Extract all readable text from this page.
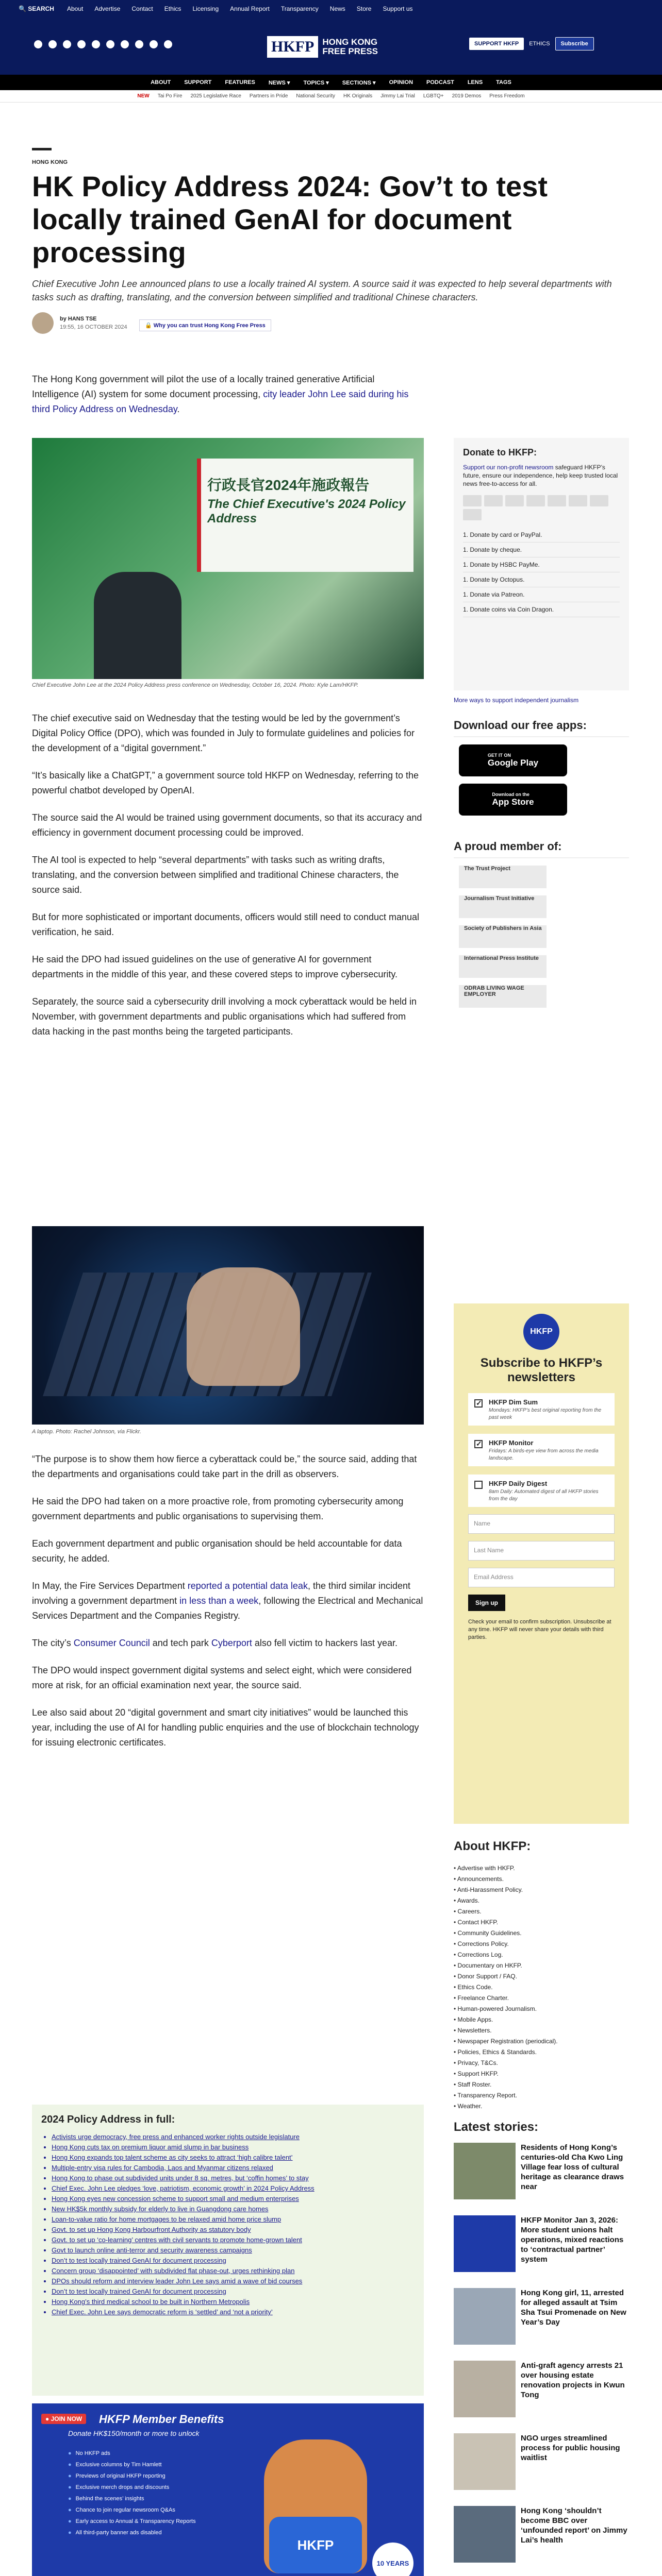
🔍 SEARCH About Advertise Contact Ethics Licensing Annual Report Transparency News Store Support us
HKFP HONG KONG FREE PRESS
SUPPORT HKFP	ETHICS	Subscribe
ABOUT SUPPORT FEATURES NEWS ▾ TOPICS ▾ SECTIONS ▾ OPINION PODCAST LENS TAGS
NEW Tai Po Fire 2025 Legislative Race Partners in Pride National Security HK Originals Jimmy Lai Trial LGBTQ+ 2019 Demos Press Freedom
HONG KONG
HK Policy Address 2024: Gov’t to test locally trained GenAI for document processing
Chief Executive John Lee announced plans to use a locally trained AI system. A source said it was expected to help several departments with tasks such as drafting, translating, and the conversion between simplified and traditional Chinese characters.
by HANS TSE
19:55, 16 OCTOBER 2024	🔒 Why you can trust Hong Kong Free Press

The Hong Kong government will pilot the use of a locally trained generative Artificial Intelligence (AI) system for some document processing, city leader John Lee said during his third Policy Address on Wednesday.

行政長官2024年施政報告
The Chief Executive's 2024 Policy Address
Chief Executive John Lee at the 2024 Policy Address press conference on Wednesday, October 16, 2024. Photo: Kyle Lam/HKFP.

The chief executive said on Wednesday that the testing would be led by the government’s Digital Policy Office (DPO), which was founded in July to formulate guidelines and policies for the development of a “digital government.”

“It’s basically like a ChatGPT,” a government source told HKFP on Wednesday, referring to the powerful chatbot developed by OpenAI.

The source said the AI would be trained using government documents, so that its accuracy and efficiency in government document processing could be improved.

The AI tool is expected to help “several departments” with tasks such as writing drafts, translating, and the conversion between simplified and traditional Chinese characters, the source said.

But for more sophisticated or important documents, officers would still need to conduct manual verification, he said.

He said the DPO had issued guidelines on the use of generative AI for government departments in the middle of this year, and these covered steps to improve cybersecurity.

Separately, the source said a cybersecurity drill involving a mock cyberattack would be held in November, with government departments and public organisations which had suffered from data hacking in the past months being the targeted participants.

A laptop. Photo: Rachel Johnson, via Flickr.

“The purpose is to show them how fierce a cyberattack could be,” the source said, adding that the departments and organisations could take part in the drill as observers.

He said the DPO had taken on a more proactive role, from promoting cybersecurity among government departments and public organisations to supervising them.

Each government department and public organisation should be held accountable for data security, he added.

In May, the Fire Services Department reported a potential data leak, the third similar incident involving a government department in less than a week, following the Electrical and Mechanical Services Department and the Companies Registry.

The city’s Consumer Council and tech park Cyberport also fell victim to hackers last year.

The DPO would inspect government digital systems and select eight, which were considered more at risk, for an official examination next year, the source said.

Lee also said about 20 “digital government and smart city initiatives” would be launched this year, including the use of AI for handling public enquiries and the use of blockchain technology for issuing electronic certificates.

2024 Policy Address in full:
• Activists urge democracy, free press and enhanced worker rights outside legislature
• Hong Kong cuts tax on premium liquor amid slump in bar business
• Hong Kong expands top talent scheme as city seeks to attract ‘high calibre talent’
• Multiple-entry visa rules for Cambodia, Laos and Myanmar citizens relaxed
• Hong Kong to phase out subdivided units under 8 sq. metres, but ‘coffin homes’ to stay
• Chief Exec. John Lee pledges ‘love, patriotism, economic growth’ in 2024 Policy Address
• Hong Kong eyes new concession scheme to support small and medium enterprises
• New HK$5k monthly subsidy for elderly to live in Guangdong care homes
• Loan-to-value ratio for home mortgages to be relaxed amid home price slump
• Govt. to set up Hong Kong Harbourfront Authority as statutory body
• Govt. to set up ‘co-learning’ centres with civil servants to promote home-grown talent
• Govt to launch online anti-terror and security awareness campaigns
• Don’t to test locally trained GenAI for document processing
• Concern group ‘disappointed’ with subdivided flat phase-out, urges rethinking plan
• DPOs should reform and interview leader John Lee says amid a wave of bid courses
• Don’t to test locally trained GenAI for document processing
• Hong Kong’s third medical school to be built in Northern Metropolis
• Chief Exec. John Lee says democratic reform is ‘settled’ and ‘not a priority’
● JOIN NOW	HKFP Member Benefits
Donate HK$150/month or more to unlock
● No HKFP ads
● Exclusive columns by Tim Hamlett
● Previews of original HKFP reporting
● Exclusive merch drops and discounts
● Behind the scenes’ insights
● Chance to join regular newsroom Q&As
● Early access to Annual & Transparency Reports
● All third-party banner ads disabled
HKFP
10 YEARS
Donate to HKFP:

Support our non-profit newsroom safeguard HKFP’s future, ensure our independence, help keep trusted local news free-to-access for all.

1. Donate by card or PayPal.
1. Donate by cheque.
1. Donate by HSBC PayMe.
1. Donate by Octopus.
1. Donate via Patreon.
1. Donate coins via Coin Dragon.
More ways to support independent journalism
Download our free apps:
GET IT ON
Google Play
Download on the
App Store
A proud member of:
The Trust Project
Journalism Trust Initiative
Society of Publishers in Asia
International Press Institute
ODRAB LIVING WAGE EMPLOYER
HKFP
Subscribe to HKFP’s newsletters
✓
HKFP Dim Sum
Mondays: HKFP’s best original reporting from the past week
✓
HKFP Monitor
Fridays: A birds-eye view from across the media landscape.
HKFP Daily Digest
8am Daily: Automated digest of all HKFP stories from the day
Name
Last Name
Email Address
Sign up
Check your email to confirm subscription. Unsubscribe at any time. HKFP will never share your details with third parties.
About HKFP:
• Advertise with HKFP.
• Announcements.
• Anti-Harassment Policy.
• Awards.
• Careers.
• Contact HKFP.
• Community Guidelines.
• Corrections Policy.
• Corrections Log.
• Documentary on HKFP.
• Donor Support / FAQ.
• Ethics Code.
• Freelance Charter.
• Human-powered Journalism.
• Mobile Apps.
• Newsletters.
• Newspaper Registration (periodical).
• Policies, Ethics & Standards.
• Privacy, T&Cs.
• Support HKFP.
• Staff Roster.
• Transparency Report.
• Weather.
Latest stories:
Residents of Hong Kong’s centuries-old Cha Kwo Ling Village fear loss of cultural heritage as clearance draws near
HKFP Monitor Jan 3, 2026: More student unions halt operations, mixed reactions to ‘contractual partner’ system
Hong Kong girl, 11, arrested for alleged assault at Tsim Sha Tsui Promenade on New Year’s Day
Anti-graft agency arrests 21 over housing estate renovation projects in Kwun Tong
NGO urges streamlined process for public housing waitlist
Hong Kong ‘shouldn’t become BBC over ‘unfounded report’ on Jimmy Lai’s health
